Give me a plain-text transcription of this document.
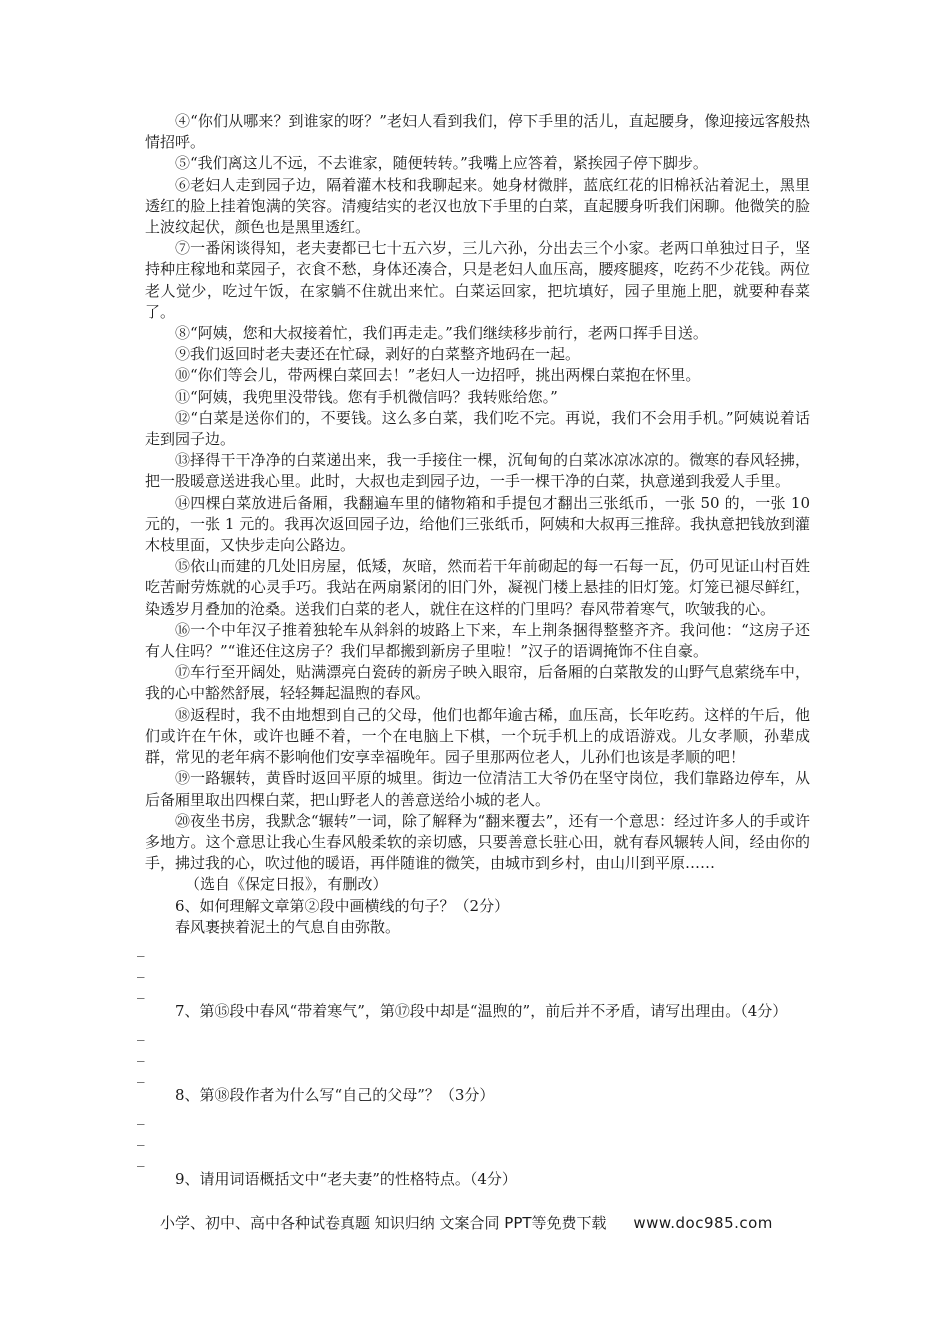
④“你们从哪来？到谁家的呀？”老妇人看到我们，停下手里的活儿，直起腰身，像迎接远客般热情招呼。

⑤“我们离这儿不远，不去谁家，随便转转。”我嘴上应答着，紧挨园子停下脚步。

⑥老妇人走到园子边，隔着灌木枝和我聊起来。她身材微胖，蓝底红花的旧棉袄沾着泥土，黑里透红的脸上挂着饱满的笑容。清瘦结实的老汉也放下手里的白菜，直起腰身听我们闲聊。他微笑的脸上波纹起伏，颜色也是黑里透红。

⑦一番闲谈得知，老夫妻都已七十五六岁，三儿六孙，分出去三个小家。老两口单独过日子，坚持种庄稼地和菜园子，衣食不愁，身体还凑合，只是老妇人血压高，腰疼腿疼，吃药不少花钱。两位老人觉少，吃过午饭，在家躺不住就出来忙。白菜运回家，把坑填好，园子里施上肥，就要种春菜了。

⑧“阿姨，您和大叔接着忙，我们再走走。”我们继续移步前行，老两口挥手目送。

⑨我们返回时老夫妻还在忙碌，剥好的白菜整齐地码在一起。

⑩“你们等会儿，带两棵白菜回去！”老妇人一边招呼，挑出两棵白菜抱在怀里。

⑪“阿姨，我兜里没带钱。您有手机微信吗？我转账给您。”

⑫“白菜是送你们的，不要钱。这么多白菜，我们吃不完。再说，我们不会用手机。”阿姨说着话走到园子边。

⑬择得干干净净的白菜递出来，我一手接住一棵，沉甸甸的白菜冰凉冰凉的。微寒的春风轻拂，把一股暖意送进我心里。此时，大叔也走到园子边，一手一棵干净的白菜，执意递到我爱人手里。

⑭四棵白菜放进后备厢，我翻遍车里的储物箱和手提包才翻出三张纸币，一张 50 的，一张 10 元的，一张 1 元的。我再次返回园子边，给他们三张纸币，阿姨和大叔再三推辞。我执意把钱放到灌木枝里面，又快步走向公路边。

⑮依山而建的几处旧房屋，低矮，灰暗，然而若干年前砌起的每一石每一瓦，仍可见证山村百姓吃苦耐劳炼就的心灵手巧。我站在两扇紧闭的旧门外，凝视门楼上悬挂的旧灯笼。灯笼已褪尽鲜红，染透岁月叠加的沧桑。送我们白菜的老人，就住在这样的门里吗？春风带着寒气，吹皱我的心。

⑯一个中年汉子推着独轮车从斜斜的坡路上下来，车上荆条捆得整整齐齐。我问他：“这房子还有人住吗？”“谁还住这房子？我们早都搬到新房子里啦！”汉子的语调掩饰不住自豪。

⑰车行至开阔处，贴满漂亮白瓷砖的新房子映入眼帘，后备厢的白菜散发的山野气息萦绕车中，我的心中豁然舒展，轻轻舞起温煦的春风。

⑱返程时，我不由地想到自己的父母，他们也都年逾古稀，血压高，长年吃药。这样的午后，他们或许在午休，或许也睡不着，一个在电脑上下棋，一个玩手机上的成语游戏。儿女孝顺，孙辈成群，常见的老年病不影响他们安享幸福晚年。园子里那两位老人，儿孙们也该是孝顺的吧！

⑲一路辗转，黄昏时返回平原的城里。街边一位清洁工大爷仍在坚守岗位，我们靠路边停车，从后备厢里取出四棵白菜，把山野老人的善意送给小城的老人。

⑳夜坐书房，我默念“辗转”一词，除了解释为“翻来覆去”，还有一个意思：经过许多人的手或许多地方。这个意思让我心生春风般柔软的亲切感，只要善意长驻心田，就有春风辗转人间，经由你的手，拂过我的心，吹过他的暖语，再伴随谁的微笑，由城市到乡村，由山川到平原……

（选自《保定日报》，有删改）

6、如何理解文章第②段中画横线的句子？（2分）

春风裹挟着泥土的气息自由弥散。

_
_
_

7、第⑮段中春风“带着寒气”，第⑰段中却是“温煦的”，前后并不矛盾，请写出理由。（4分）

_
_
_

8、第⑱段作者为什么写“自己的父母”？（3分）

_
_
_

9、请用词语概括文中“老夫妻”的性格特点。（4分）

小学、初中、高中各种试卷真题 知识归纳 文案合同 PPT等免费下载 www.doc985.com
